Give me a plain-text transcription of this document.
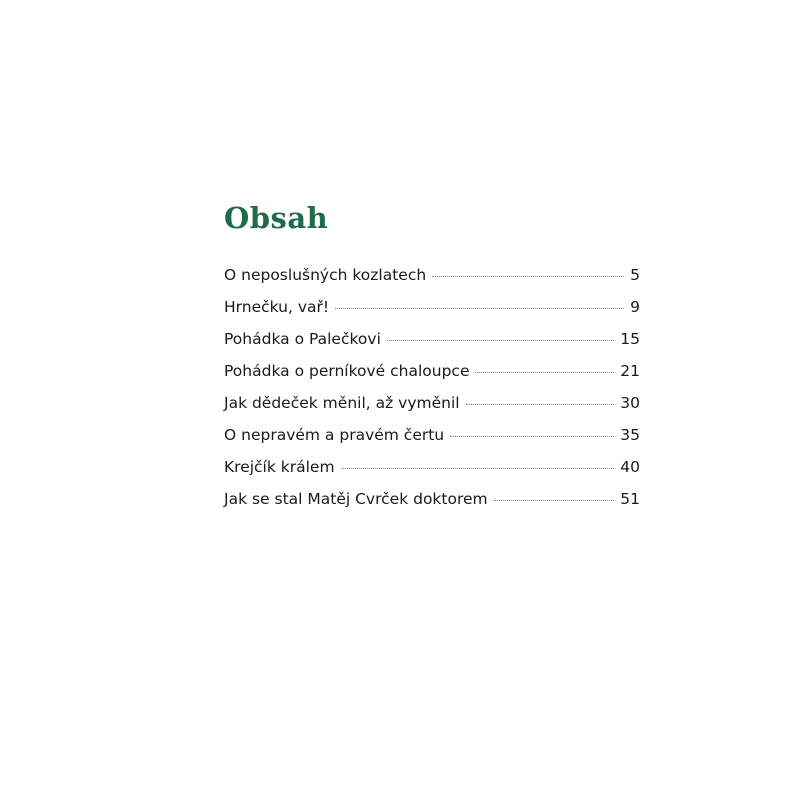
Obsah
O neposlušných kozlatech	5
Hrnečku, vař!	9
Pohádka o Palečkovi	15
Pohádka o perníkové chaloupce	21
Jak dědeček měnil, až vyměnil	30
O nepravém a pravém čertu	35
Krejčík králem	40
Jak se stal Matěj Cvrček doktorem	51
